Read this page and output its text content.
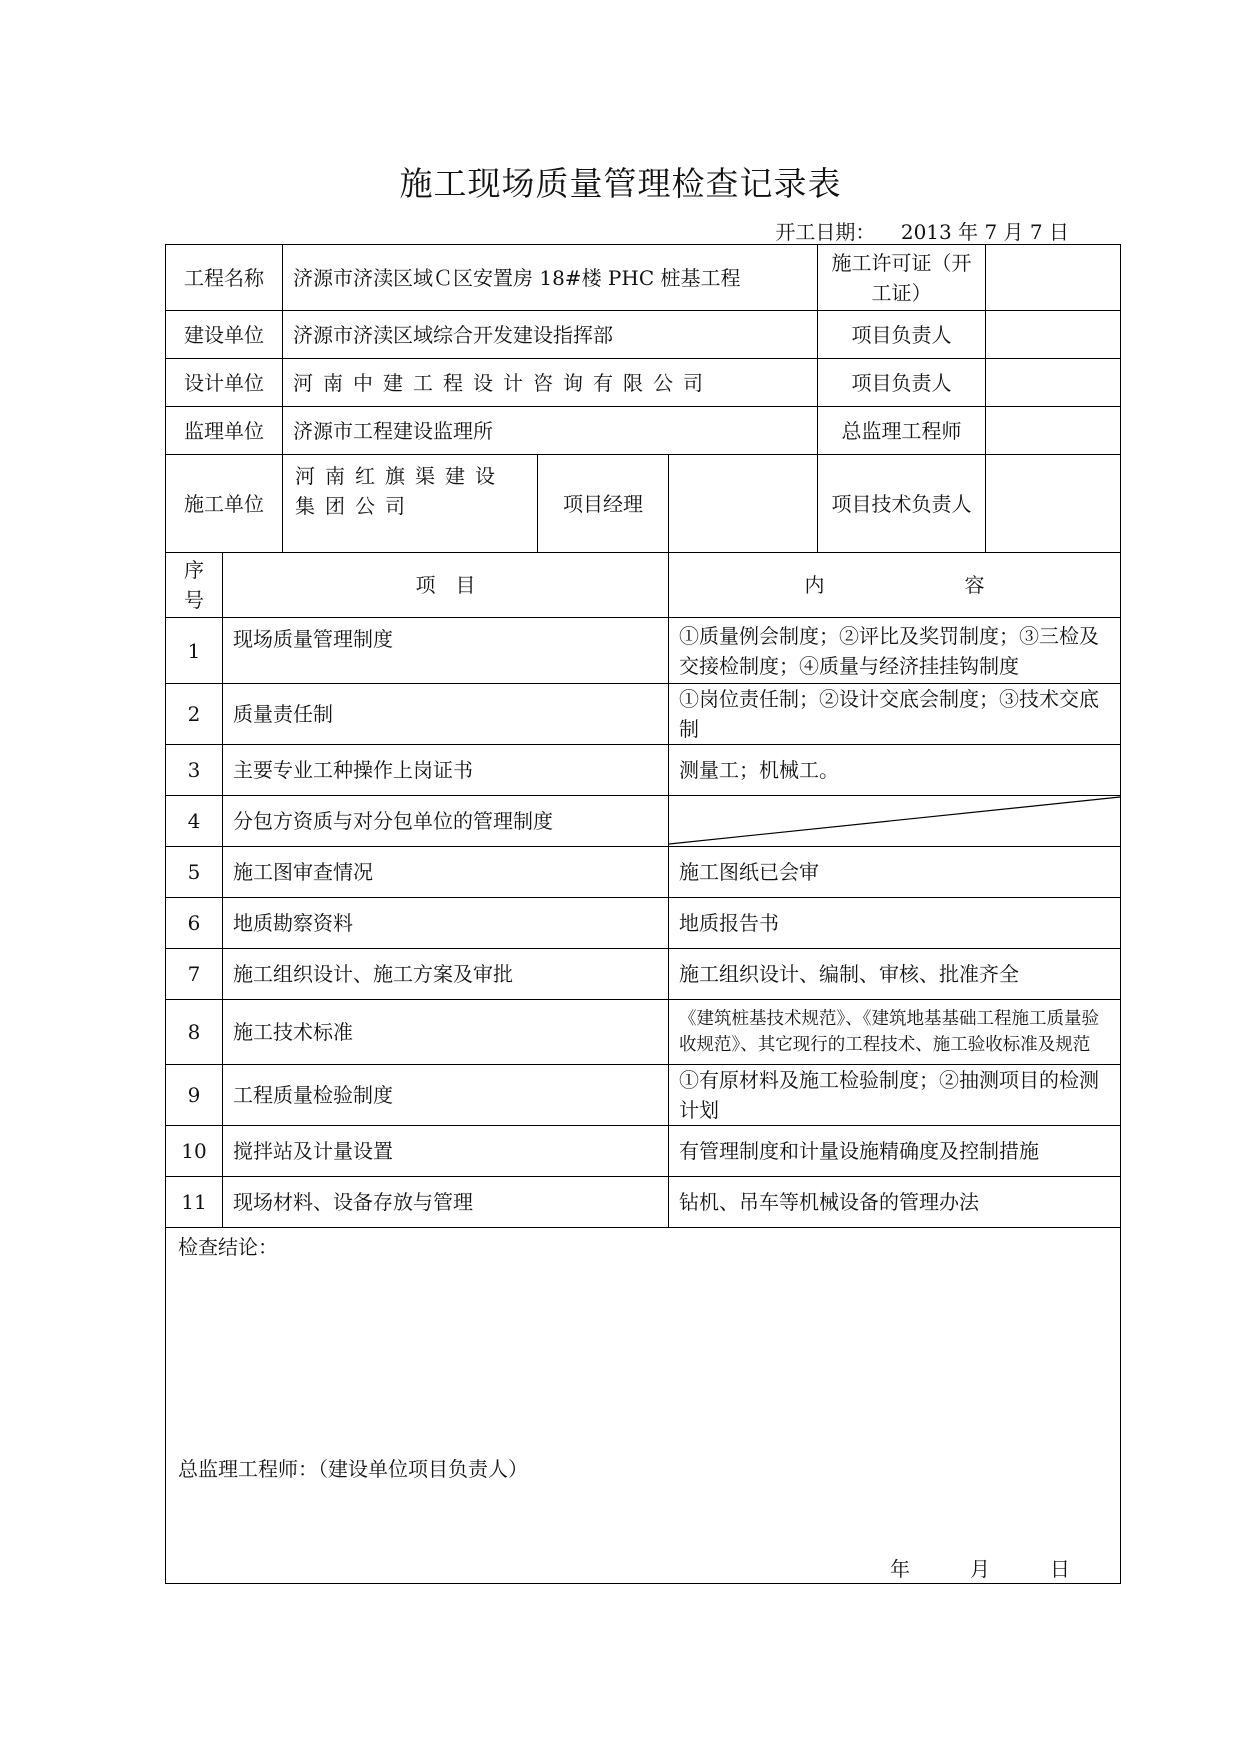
施工现场质量管理检查记录表
开工日期： 2013 年 7 月 7 日
工程名称		济源市济渎区域Ｃ区安置房 18#楼 PHC 桩基工程			施工许可证（开工证）	
建设单位		济源市济渎区域综合开发建设指挥部			项目负责人	
设计单位		河南中建工程设计咨询有限公司			项目负责人	
监理单位		济源市工程建设监理所			总监理工程师	
施工单位		河南红旗渠建设集团公司	项目经理		项目技术负责人	
序号	项　目			内　　　　　　　容		
1	现场质量管理制度			①质量例会制度；②评比及奖罚制度；③三检及交接检制度；④质量与经济挂挂钩制度		
2	质量责任制			①岗位责任制；②设计交底会制度；③技术交底制		
3	主要专业工种操作上岗证书			测量工；机械工。		
4	分包方资质与对分包单位的管理制度	

5	施工图审查情况			施工图纸已会审		
6	地质勘察资料			地质报告书		
7	施工组织设计、施工方案及审批			施工组织设计、编制、审核、批准齐全		
8	施工技术标准			《建筑桩基技术规范》、《建筑地基基础工程施工质量验收规范》、其它现行的工程技术、施工验收标准及规范		
9	工程质量检验制度			①有原材料及施工检验制度；②抽测项目的检测计划		
10	搅拌站及计量设置			有管理制度和计量设施精确度及控制措施		
11	现场材料、设备存放与管理			钻机、吊车等机械设备的管理办法		

检查结论：
总监理工程师：（建设单位项目负责人）
年　　　月　　　日						
